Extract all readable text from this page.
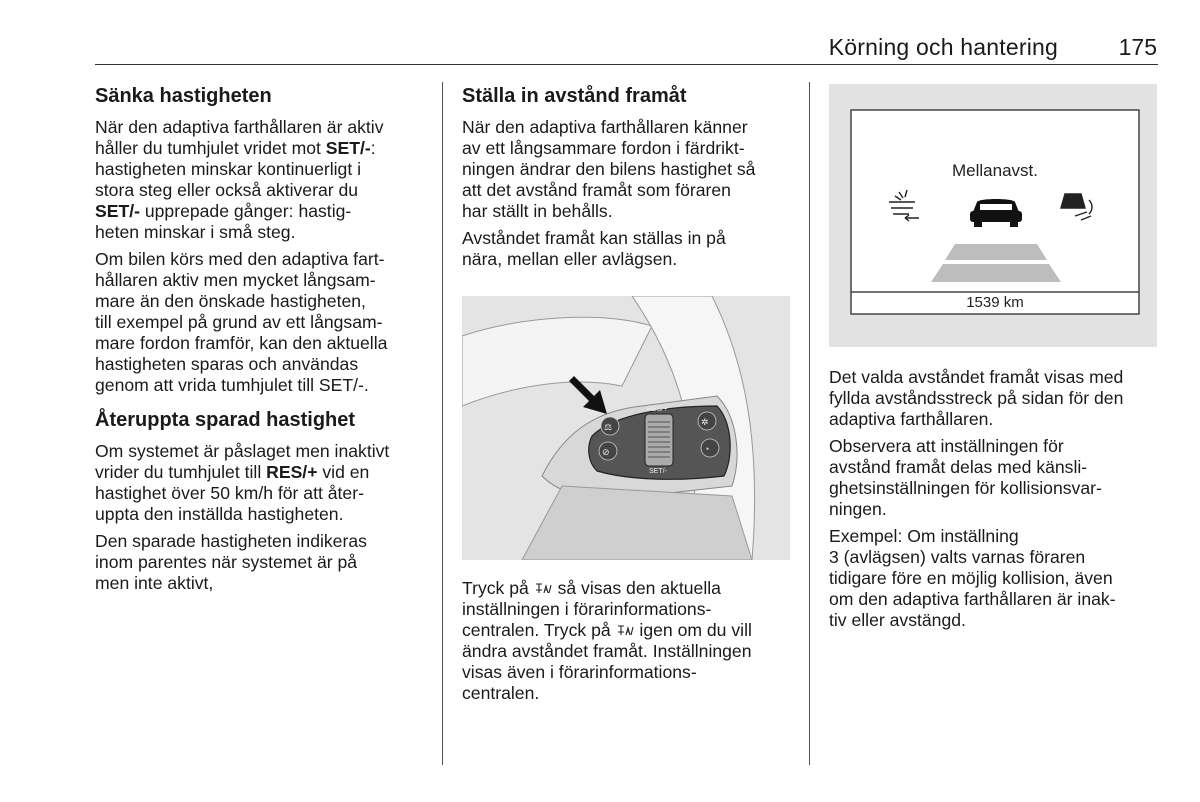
Körning och hantering	175
Sänka hastigheten

När den adaptiva farthållaren är aktiv
håller du tumhjulet vridet mot SET/-:
hastigheten minskar kontinuerligt i
stora steg eller också aktiverar du
SET/- upprepade gånger: hastig-
heten minskar i små steg.

Om bilen körs med den adaptiva fart-
hållaren aktiv men mycket långsam-
mare än den önskade hastigheten,
till exempel på grund av ett långsam-
mare fordon framför, kan den aktuella
hastigheten sparas och användas
genom att vrida tumhjulet till SET/-.

Återuppta sparad hastighet

Om systemet är påslaget men inaktivt
vrider du tumhjulet till RES/+ vid en
hastighet över 50 km/h för att åter-
uppta den inställda hastigheten.

Den sparade hastigheten indikeras
inom parentes när systemet är på
men inte aktivt,

Ställa in avstånd framåt

När den adaptiva farthållaren känner
av ett långsammare fordon i färdrikt-
ningen ändrar den bilens hastighet så
att det avstånd framåt som föraren
har ställt in behålls.

Avståndet framåt kan ställas in på
nära, mellan eller avlägsen.

⚖
⊘
RES/+
SET/-
✲
◔

Tryck på  så visas den aktuella
inställningen i förarinformations-
centralen. Tryck på  igen om du vill
ändra avståndet framåt. Inställningen
visas även i förarinformations-
centralen.

Mellanavst.
1539 km

Det valda avståndet framåt visas med
fyllda avståndsstreck på sidan för den
adaptiva farthållaren.

Observera att inställningen för
avstånd framåt delas med känsli-
ghetsinställningen för kollisionsvar-
ningen.

Exempel: Om inställning
3 (avlägsen) valts varnas föraren
tidigare före en möjlig kollision, även
om den adaptiva farthållaren är inak-
tiv eller avstängd.
